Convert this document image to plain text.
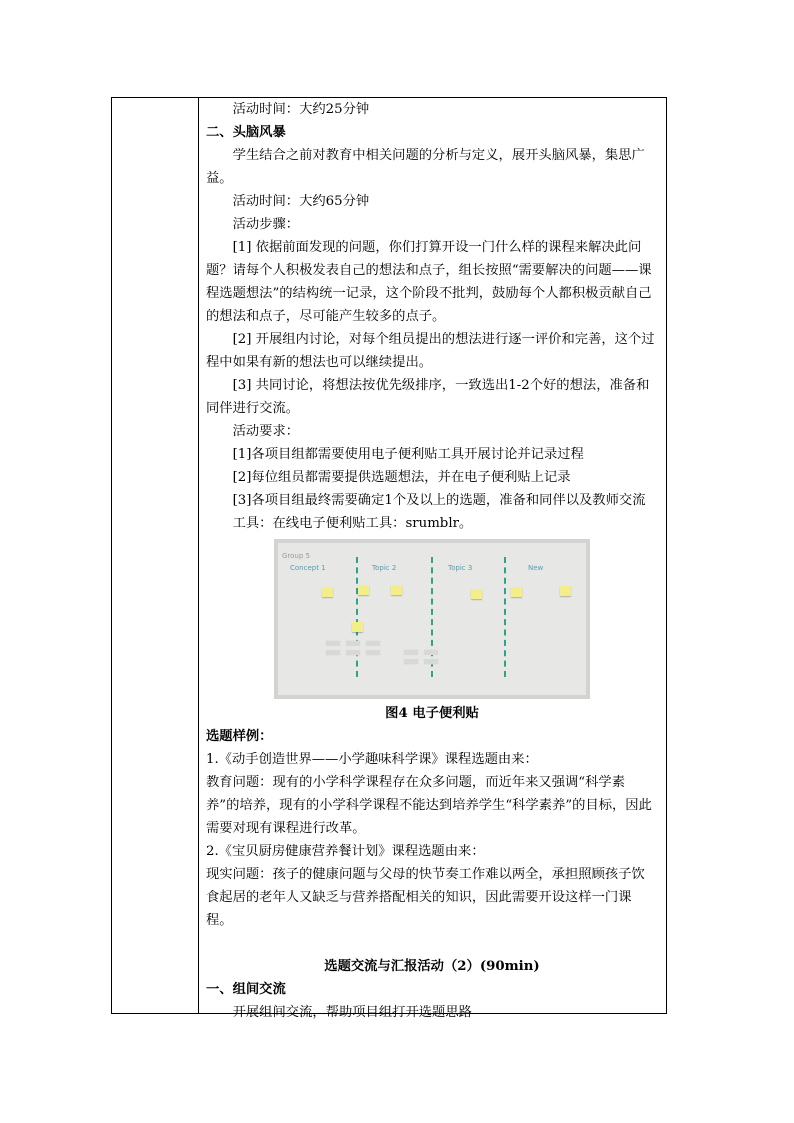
活动时间：大约25分钟

二、头脑风暴

学生结合之前对教育中相关问题的分析与定义，展开头脑风暴，集思广益。

活动时间：大约65分钟

活动步骤：

[1] 依据前面发现的问题，你们打算开设一门什么样的课程来解决此问题？请每个人积极发表自己的想法和点子，组长按照“需要解决的问题——课程选题想法”的结构统一记录，这个阶段不批判，鼓励每个人都积极贡献自己的想法和点子，尽可能产生较多的点子。

[2] 开展组内讨论，对每个组员提出的想法进行逐一评价和完善，这个过程中如果有新的想法也可以继续提出。

[3] 共同讨论，将想法按优先级排序，一致选出1-2个好的想法，准备和同伴进行交流。

活动要求：

[1]各项目组都需要使用电子便利贴工具开展讨论并记录过程

[2]每位组员都需要提供选题想法，并在电子便利贴上记录

[3]各项目组最终需要确定1个及以上的选题，准备和同伴以及教师交流

工具：在线电子便利贴工具：srumblr。

Group 5
Concept 1	Topic 2	Topic 3	New
〓〓〓 〓〓

图4 电子便利贴

选题样例：

1.《动手创造世界——小学趣味科学课》课程选题由来：

教育问题：现有的小学科学课程存在众多问题，而近年来又强调“科学素养”的培养，现有的小学科学课程不能达到培养学生“科学素养”的目标，因此需要对现有课程进行改革。

2.《宝贝厨房健康营养餐计划》课程选题由来：

现实问题：孩子的健康问题与父母的快节奏工作难以两全，承担照顾孩子饮食起居的老年人又缺乏与营养搭配相关的知识，因此需要开设这样一门课程。

选题交流与汇报活动（2）(90min)

一、组间交流

开展组间交流，帮助项目组打开选题思路
